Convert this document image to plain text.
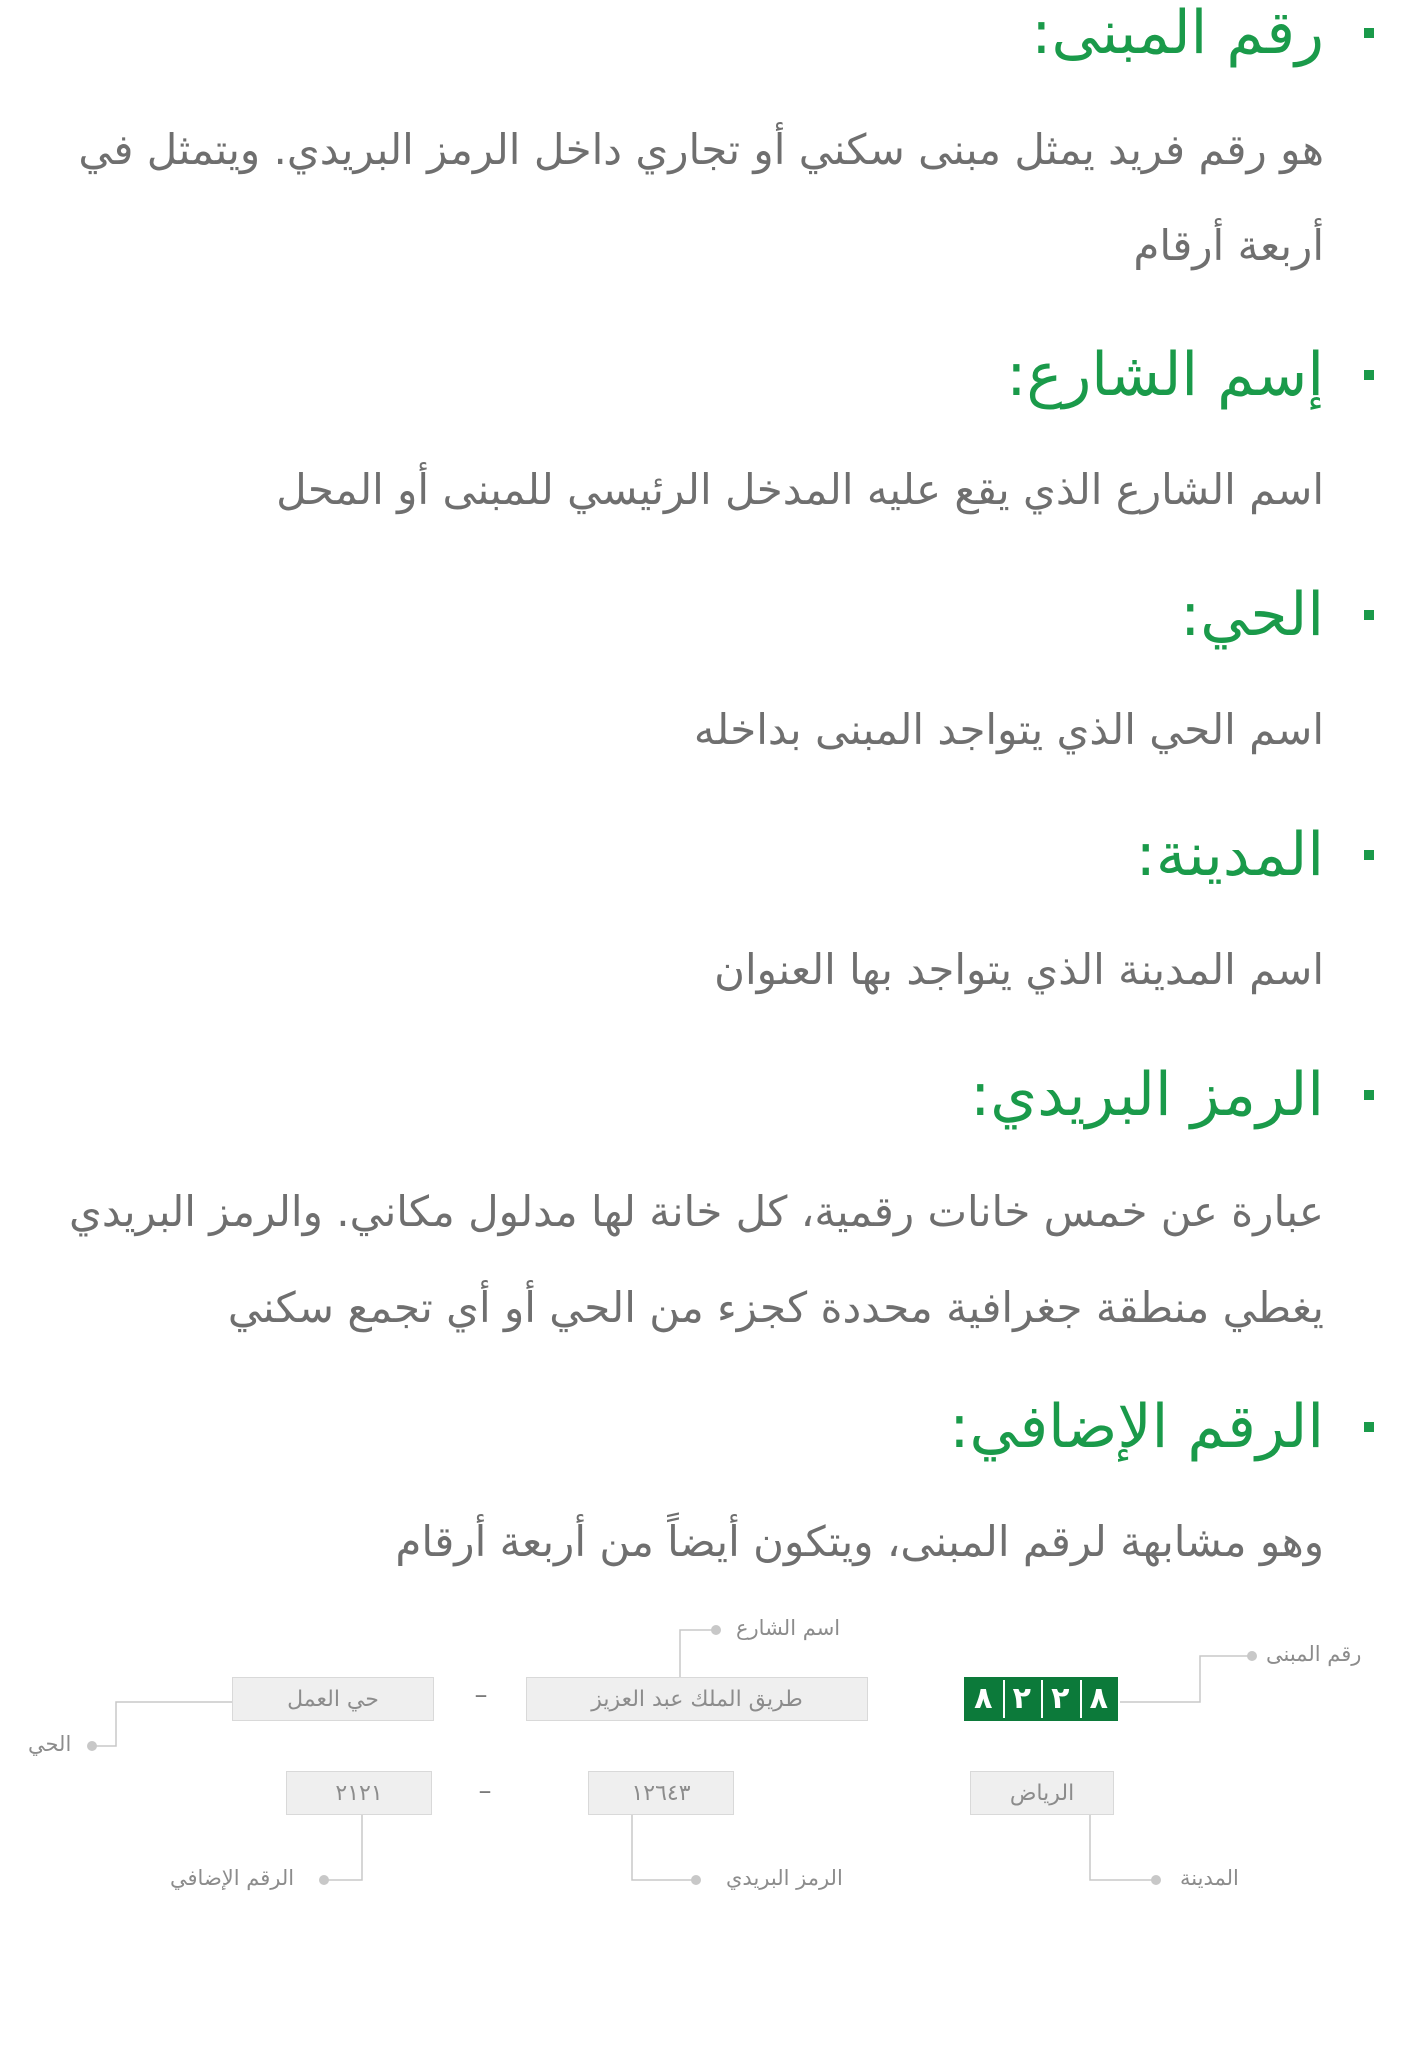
رقم المبنى:

هو رقم فريد يمثل مبنى سكني أو تجاري داخل الرمز البريدي. ويتمثل في أربعة أرقام

إسم الشارع:

اسم الشارع الذي يقع عليه المدخل الرئيسي للمبنى أو المحل

الحي:

اسم الحي الذي يتواجد المبنى بداخله

المدينة:

اسم المدينة الذي يتواجد بها العنوان

الرمز البريدي:

عبارة عن خمس خانات رقمية، كل خانة لها مدلول مكاني. والرمز البريدي يغطي منطقة جغرافية محددة كجزء من الحي أو أي تجمع سكني

الرقم الإضافي:

وهو مشابهة لرقم المبنى، ويتكون أيضاً من أربعة أرقام

رقم المبنى
اسم الشارع
الحي
الرقم الإضافي	الرمز البريدي	المدينة
٨
٢
٢
٨
طريق الملك عبد العزيز
–
حي العمل
الرياض
١٢٦٤٣
–
٢١٢١
